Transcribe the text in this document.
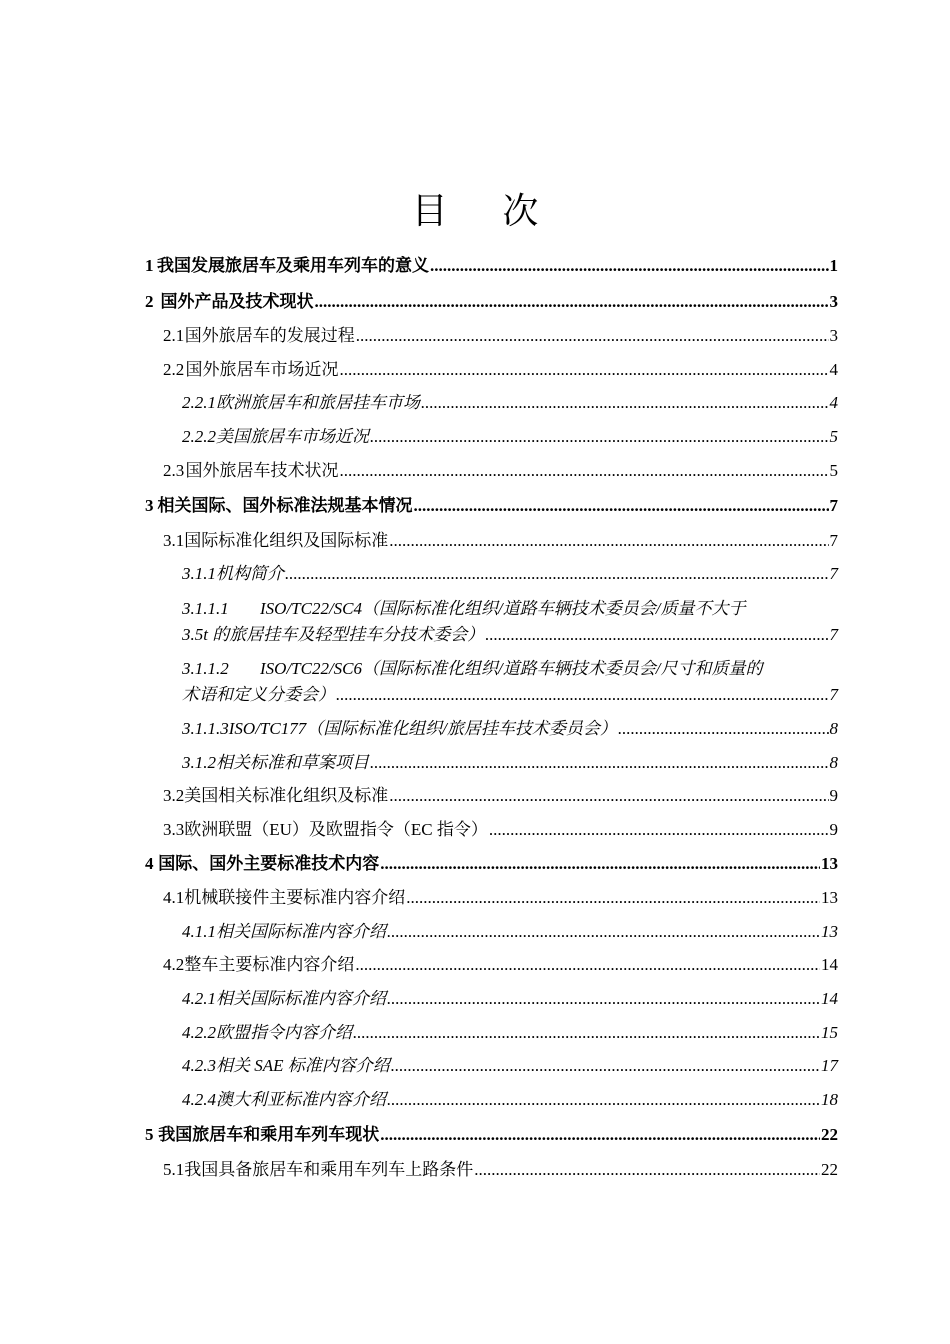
目 次
1 我国发展旅居车及乘用车列车的意义 .....	1
2 国外产品及技术现状 .....	3
2.1 国外旅居车的发展过程 .....	3
2.2 国外旅居车市场近况 .....	4
2.2.1 欧洲旅居车和旅居挂车市场 .....	4
2.2.2 美国旅居车市场近况 .....	5
2.3 国外旅居车技术状况 .....	5
3 相关国际、国外标准法规基本情况 .....	7
3.1 国际标准化组织及国际标准 .....	7
3.1.1 机构简介 .....	7
3.1.1.1 ISO/TC22/SC4（国际标准化组织/道路车辆技术委员会/质量不大于
3.5t 的旅居挂车及轻型挂车分技术委会） .....	7
3.1.1.2 ISO/TC22/SC6（国际标准化组织/道路车辆技术委员会/尺寸和质量的
术语和定义分委会） .....	7
3.1.1.3 ISO/TC177（国际标准化组织/旅居挂车技术委员会） .....	8
3.1.2 相关标准和草案项目 .....	8
3.2 美国相关标准化组织及标准 .....	9
3.3 欧洲联盟（EU）及欧盟指令（EC 指令） .....	9
4 国际、国外主要标准技术内容 .....	13
4.1 机械联接件主要标准内容介绍 .....	13
4.1.1 相关国际标准内容介绍 .....	13
4.2 整车主要标准内容介绍 .....	14
4.2.1 相关国际标准内容介绍 .....	14
4.2.2 欧盟指令内容介绍 .....	15
4.2.3 相关 SAE 标准内容介绍 .....	17
4.2.4 澳大利亚标准内容介绍 .....	18
5 我国旅居车和乘用车列车现状 .....	22
5.1 我国具备旅居车和乘用车列车上路条件 .....	22
